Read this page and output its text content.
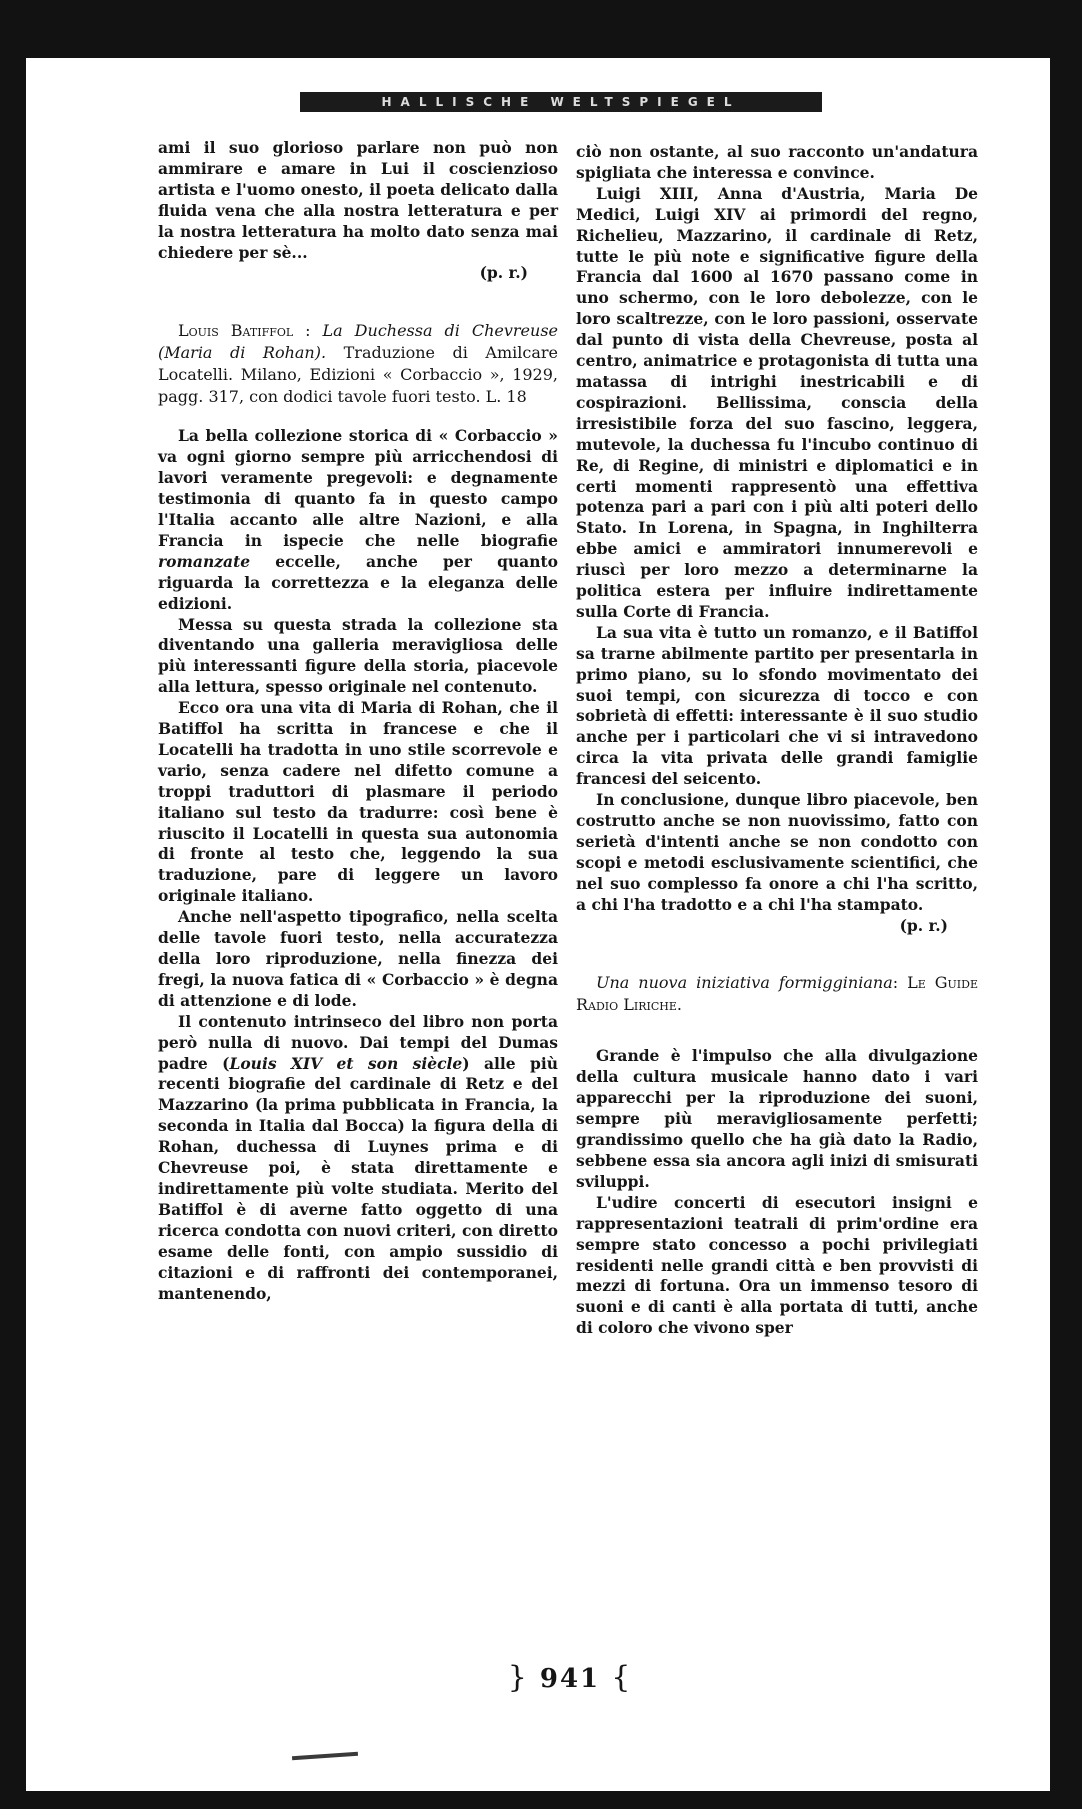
HALLISCHE WELTSPIEGEL

ami il suo glorioso parlare non può non ammirare e amare in Lui il coscienzioso artista e l'uomo onesto, il poeta delicato dalla fluida vena che alla nostra letteratura e per la nostra letteratura ha molto dato senza mai chiedere per sè...

(p. r.)

Louis Batiffol : La Duchessa di Chevreuse (Maria di Rohan). Traduzione di Amilcare Locatelli. Milano, Edizioni « Corbaccio », 1929, pagg. 317, con dodici tavole fuori testo. L. 18

La bella collezione storica di « Corbaccio » va ogni giorno sempre più arricchendosi di lavori veramente pregevoli: e degnamente testimonia di quanto fa in questo campo l'Italia accanto alle altre Nazioni, e alla Francia in ispecie che nelle biografie romanzate eccelle, anche per quanto riguarda la correttezza e la eleganza delle edizioni.

Messa su questa strada la collezione sta diventando una galleria meravigliosa delle più interessanti figure della storia, piacevole alla lettura, spesso originale nel contenuto.

Ecco ora una vita di Maria di Rohan, che il Batiffol ha scritta in francese e che il Locatelli ha tradotta in uno stile scorrevole e vario, senza cadere nel difetto comune a troppi traduttori di plasmare il periodo italiano sul testo da tradurre: così bene è riuscito il Locatelli in questa sua autonomia di fronte al testo che, leggendo la sua traduzione, pare di leggere un lavoro originale italiano.

Anche nell'aspetto tipografico, nella scelta delle tavole fuori testo, nella accuratezza della loro riproduzione, nella finezza dei fregi, la nuova fatica di « Corbaccio » è degna di attenzione e di lode.

Il contenuto intrinseco del libro non porta però nulla di nuovo. Dai tempi del Dumas padre (Louis XIV et son siècle) alle più recenti biografie del cardinale di Retz e del Mazzarino (la prima pubblicata in Francia, la seconda in Italia dal Bocca) la figura della di Rohan, duchessa di Luynes prima e di Chevreuse poi, è stata direttamente e indirettamente più volte studiata. Merito del Batiffol è di averne fatto oggetto di una ricerca condotta con nuovi criteri, con diretto esame delle fonti, con ampio sussidio di citazioni e di raffronti dei contemporanei, mantenendo,

ciò non ostante, al suo racconto un'andatura spigliata che interessa e convince.

Luigi XIII, Anna d'Austria, Maria De Medici, Luigi XIV ai primordi del regno, Richelieu, Mazzarino, il cardinale di Retz, tutte le più note e significative figure della Francia dal 1600 al 1670 passano come in uno schermo, con le loro debolezze, con le loro scaltrezze, con le loro passioni, osservate dal punto di vista della Chevreuse, posta al centro, animatrice e protagonista di tutta una matassa di intrighi inestricabili e di cospirazioni. Bellissima, conscia della irresistibile forza del suo fascino, leggera, mutevole, la duchessa fu l'incubo continuo di Re, di Regine, di ministri e diplomatici e in certi momenti rappresentò una effettiva potenza pari a pari con i più alti poteri dello Stato. In Lorena, in Spagna, in Inghilterra ebbe amici e ammiratori innumerevoli e riuscì per loro mezzo a determinarne la politica estera per influire indirettamente sulla Corte di Francia.

La sua vita è tutto un romanzo, e il Batiffol sa trarne abilmente partito per presentarla in primo piano, su lo sfondo movimentato dei suoi tempi, con sicurezza di tocco e con sobrietà di effetti: interessante è il suo studio anche per i particolari che vi si intravedono circa la vita privata delle grandi famiglie francesi del seicento.

In conclusione, dunque libro piacevole, ben costrutto anche se non nuovissimo, fatto con serietà d'intenti anche se non condotto con scopi e metodi esclusivamente scientifici, che nel suo complesso fa onore a chi l'ha scritto, a chi l'ha tradotto e a chi l'ha stampato.

(p. r.)

Una nuova iniziativa formigginiana: Le Guide Radio Liriche.

Grande è l'impulso che alla divulgazione della cultura musicale hanno dato i vari apparecchi per la riproduzione dei suoni, sempre più meravigliosamente perfetti; grandissimo quello che ha già dato la Radio, sebbene essa sia ancora agli inizi di smisurati sviluppi.

L'udire concerti di esecutori insigni e rappresentazioni teatrali di prim'ordine era sempre stato concesso a pochi privilegiati residenti nelle grandi città e ben provvisti di mezzi di fortuna. Ora un immenso tesoro di suoni e di canti è alla portata di tutti, anche di coloro che vivono sper

} 941 {
